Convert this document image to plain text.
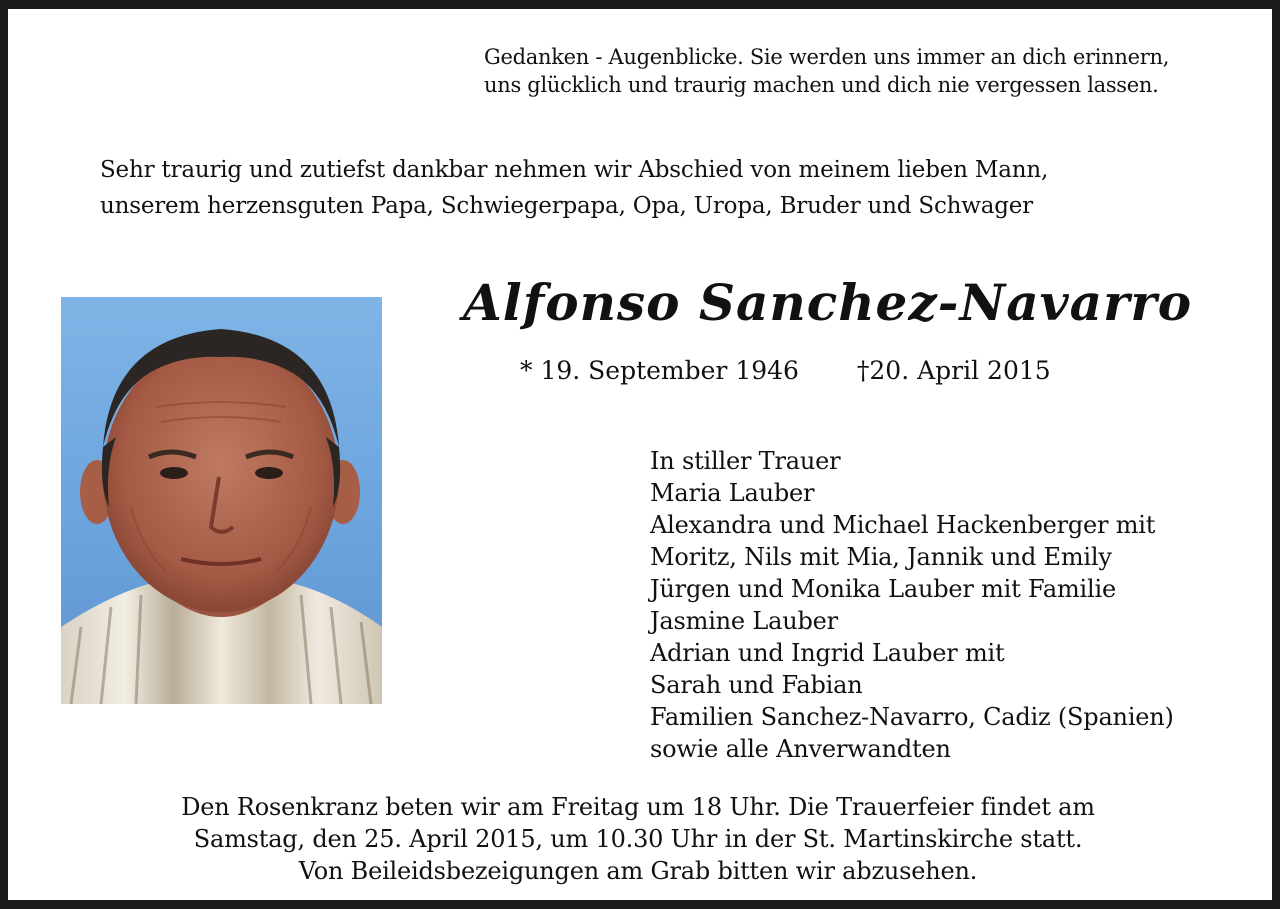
Gedanken - Augenblicke. Sie werden uns immer an dich erinnern,
uns glücklich und traurig machen und dich nie vergessen lassen.
Sehr traurig und zutiefst dankbar nehmen wir Abschied von meinem lieben Mann,
unserem herzensguten Papa, Schwiegerpapa, Opa, Uropa, Bruder und Schwager
Alfonso Sanchez-Navarro
* 19. September 1946 †20. April 2015
In stiller Trauer
Maria Lauber
Alexandra und Michael Hackenberger mit
Moritz, Nils mit Mia, Jannik und Emily
Jürgen und Monika Lauber mit Familie
Jasmine Lauber
Adrian und Ingrid Lauber mit
Sarah und Fabian
Familien Sanchez-Navarro, Cadiz (Spanien)
sowie alle Anverwandten
Den Rosenkranz beten wir am Freitag um 18 Uhr. Die Trauerfeier findet am
Samstag, den 25. April 2015, um 10.30 Uhr in der St. Martinskirche statt.
Von Beileidsbezeigungen am Grab bitten wir abzusehen.
